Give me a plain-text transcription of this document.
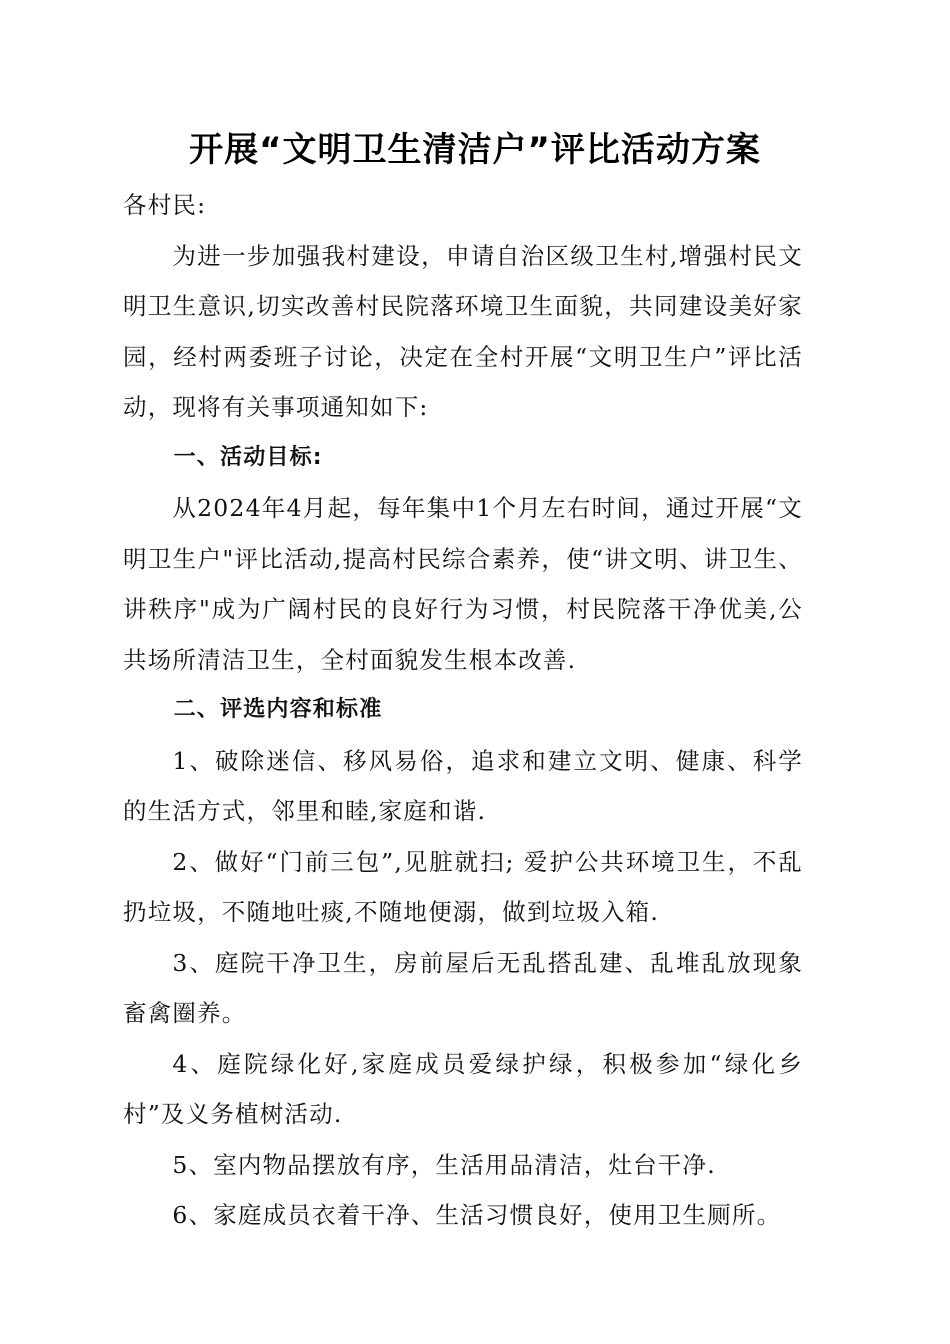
开展“文明卫生清洁户”评比活动方案

各村民:

为进一步加强我村建设，申请自治区级卫生村,增强村民文明卫生意识,切实改善村民院落环境卫生面貌，共同建设美好家园，经村两委班子讨论，决定在全村开展“文明卫生户”评比活动，现将有关事项通知如下:

一、活动目标:

从2024年4月起，每年集中1个月左右时间，通过开展“文明卫生户"评比活动,提高村民综合素养，使“讲文明、讲卫生、讲秩序"成为广阔村民的良好行为习惯，村民院落干净优美,公共场所清洁卫生，全村面貌发生根本改善.

二、评选内容和标准

1、破除迷信、移风易俗，追求和建立文明、健康、科学的生活方式，邻里和睦,家庭和谐.

2、做好“门前三包”,见脏就扫; 爱护公共环境卫生，不乱扔垃圾，不随地吐痰,不随地便溺，做到垃圾入箱.

3、庭院干净卫生，房前屋后无乱搭乱建、乱堆乱放现象畜禽圈养。

4、庭院绿化好,家庭成员爱绿护绿，积极参加“绿化乡村”及义务植树活动.

5、室内物品摆放有序，生活用品清洁，灶台干净.

6、家庭成员衣着干净、生活习惯良好，使用卫生厕所。
